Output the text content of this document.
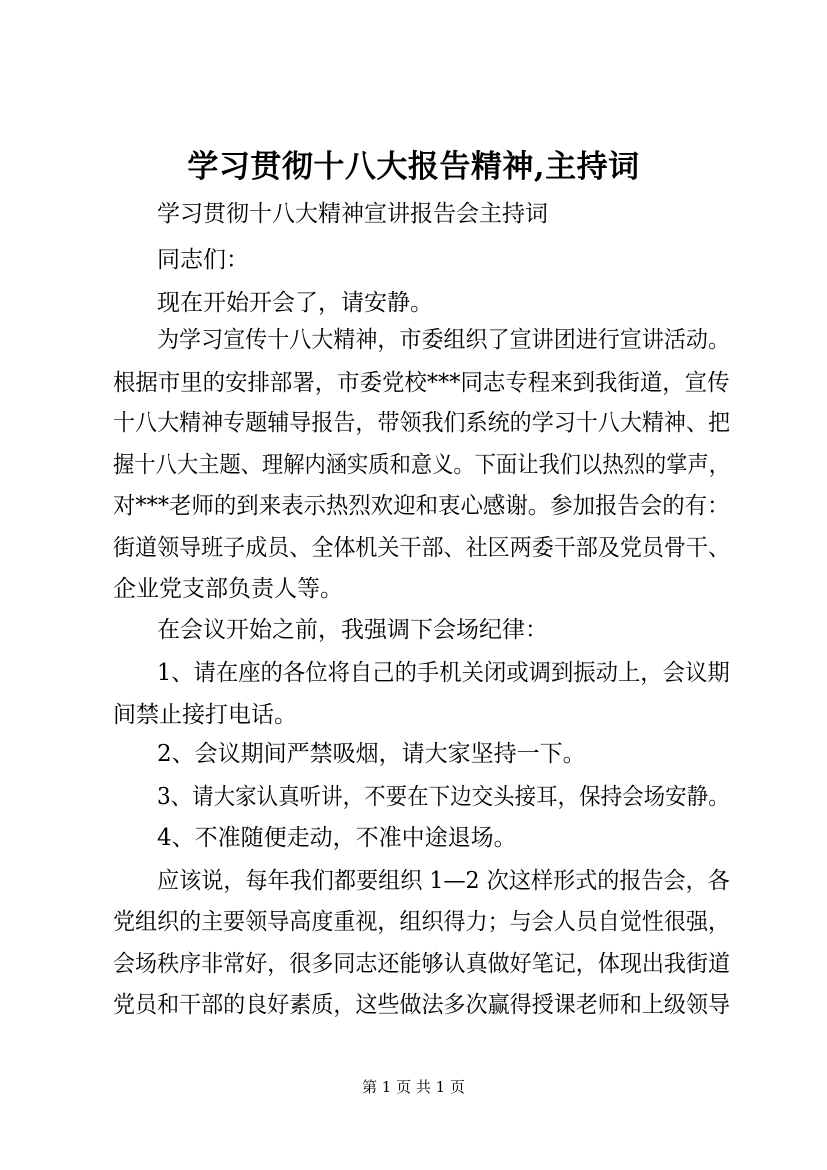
学习贯彻十八大报告精神,主持词
学习贯彻十八大精神宣讲报告会主持词
同志们：
现在开始开会了，请安静。
为学习宣传十八大精神，市委组织了宣讲团进行宣讲活动。
根据市里的安排部署，市委党校***同志专程来到我街道，宣传
十八大精神专题辅导报告，带领我们系统的学习十八大精神、把
握十八大主题、理解内涵实质和意义。下面让我们以热烈的掌声，
对***老师的到来表示热烈欢迎和衷心感谢。参加报告会的有：
街道领导班子成员、全体机关干部、社区两委干部及党员骨干、
企业党支部负责人等。
在会议开始之前，我强调下会场纪律：
1、请在座的各位将自己的手机关闭或调到振动上，会议期
间禁止接打电话。
2、会议期间严禁吸烟，请大家坚持一下。
3、请大家认真听讲，不要在下边交头接耳，保持会场安静。
4、不准随便走动，不准中途退场。
应该说，每年我们都要组织 1—2 次这样形式的报告会，各
党组织的主要领导高度重视，组织得力；与会人员自觉性很强，
会场秩序非常好，很多同志还能够认真做好笔记，体现出我街道
党员和干部的良好素质，这些做法多次赢得授课老师和上级领导
第 1 页 共 1 页
